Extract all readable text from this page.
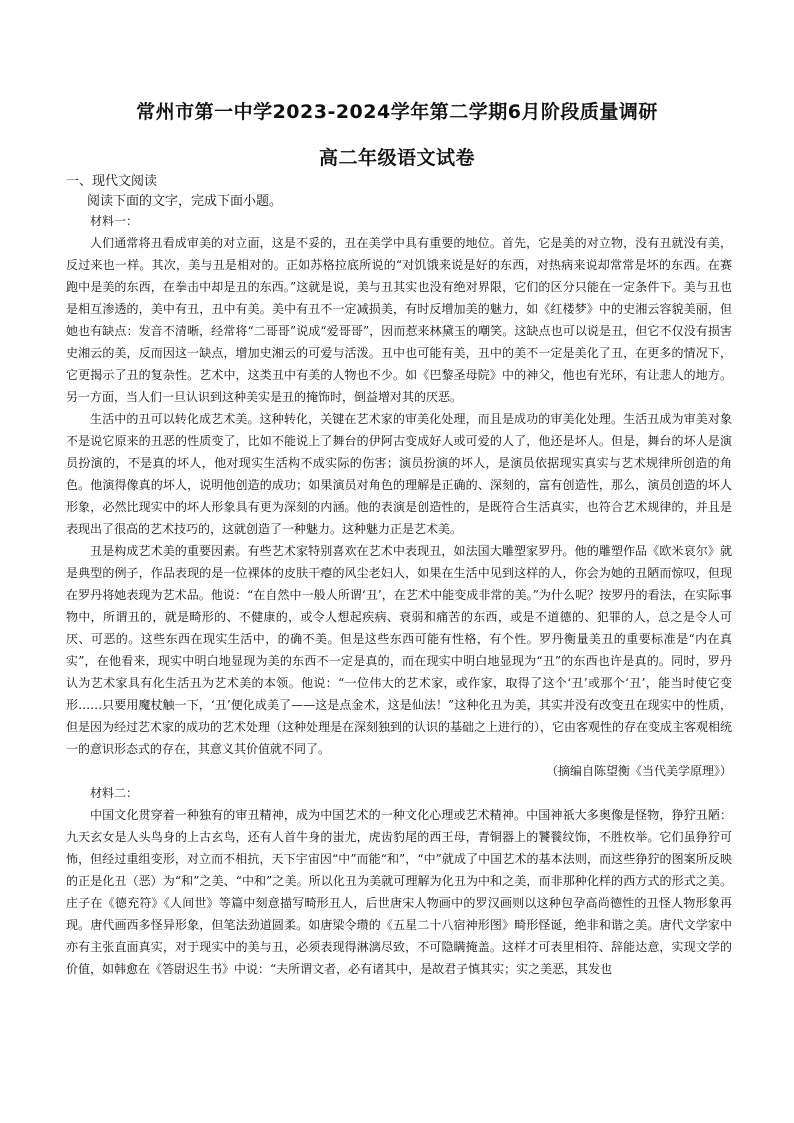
常州市第一中学2023-2024学年第二学期6月阶段质量调研
高二年级语文试卷
一、现代文阅读
阅读下面的文字，完成下面小题。

材料一：

人们通常将丑看成审美的对立面，这是不妥的，丑在美学中具有重要的地位。首先，它是美的对立物，没有丑就没有美，反过来也一样。其次，美与丑是相对的。正如苏格拉底所说的“对饥饿来说是好的东西，对热病来说却常常是坏的东西。在赛跑中是美的东西，在拳击中却是丑的东西。”这就是说，美与丑其实也没有绝对界限，它们的区分只能在一定条件下。美与丑也是相互渗透的，美中有丑，丑中有美。美中有丑不一定减损美，有时反增加美的魅力，如《红楼梦》中的史湘云容貌美丽，但她也有缺点：发音不清晰，经常将“二哥哥”说成“爱哥哥”，因而惹来林黛玉的嘲笑。这缺点也可以说是丑，但它不仅没有损害史湘云的美，反而因这一缺点，增加史湘云的可爱与活泼。丑中也可能有美，丑中的美不一定是美化了丑，在更多的情况下，它更揭示了丑的复杂性。艺术中，这类丑中有美的人物也不少。如《巴黎圣母院》中的神父，他也有光环，有让悲人的地方。另一方面，当人们一旦认识到这种美实是丑的掩饰时，倒益增对其的厌恶。

生活中的丑可以转化成艺术美。这种转化，关键在艺术家的审美化处理，而且是成功的审美化处理。生活丑成为审美对象不是说它原来的丑恶的性质变了，比如不能说上了舞台的伊阿古变成好人或可爱的人了，他还是坏人。但是，舞台的坏人是演员扮演的，不是真的坏人，他对现实生活构不成实际的伤害；演员扮演的坏人，是演员依据现实真实与艺术规律所创造的角色。他演得像真的坏人，说明他创造的成功；如果演员对角色的理解是正确的、深刻的，富有创造性，那么，演员创造的坏人形象，必然比现实中的坏人形象具有更为深刻的内涵。他的表演是创造性的，是既符合生活真实，也符合艺术规律的，并且是表现出了很高的艺术技巧的，这就创造了一种魅力。这种魅力正是艺术美。

丑是构成艺术美的重要因素。有些艺术家特别喜欢在艺术中表现丑，如法国大雕塑家罗丹。他的雕塑作品《欧米哀尔》就是典型的例子，作品表现的是一位裸体的皮肤干瘪的风尘老妇人，如果在生活中见到这样的人，你会为她的丑陋而惊叹，但现在罗丹将她表现为艺术品。他说：“在自然中一般人所谓‘丑’，在艺术中能变成非常的美。”为什么呢？按罗丹的看法，在实际事物中，所谓丑的，就是畸形的、不健康的，或令人想起疾病、衰弱和痛苦的东西，或是不道德的、犯罪的人，总之是令人可厌、可恶的。这些东西在现实生活中，的确不美。但是这些东西可能有性格，有个性。罗丹衡量美丑的重要标准是“内在真实”，在他看来，现实中明白地显现为美的东西不一定是真的，而在现实中明白地显现为“丑”的东西也许是真的。同时，罗丹认为艺术家具有化生活丑为艺术美的本领。他说：“一位伟大的艺术家，或作家，取得了这个‘丑’或那个‘丑’，能当时使它变形……只要用魔杖触一下，‘丑’便化成美了——这是点金术，这是仙法！”这种化丑为美，其实并没有改变丑在现实中的性质，但是因为经过艺术家的成功的艺术处理（这种处理是在深刻独到的认识的基础之上进行的），它由客观性的存在变成主客观相统一的意识形态式的存在，其意义其价值就不同了。

（摘编自陈望衡《当代美学原理》）

材料二：

中国文化贯穿着一种独有的审丑精神，成为中国艺术的一种文化心理或艺术精神。中国神祇大多奥像是怪物，狰狞丑陋：九天玄女是人头鸟身的上古玄鸟，还有人首牛身的蚩尤，虎齿豹尾的西王母，青铜器上的饕餮纹饰，不胜枚举。它们虽狰狞可怖，但经过重组变形，对立而不相抗，天下宇宙因“中”而能“和”，“中”就成了中国艺术的基本法则，而这些狰狞的图案所反映的正是化丑（恶）为“和”之美、“中和”之美。所以化丑为美就可理解为化丑为中和之美，而非那种化样的西方式的形式之美。庄子在《德充符》《人间世》等篇中刻意描写畸形丑人，后世唐宋人物画中的罗汉画则以这种包孕高尚德性的丑怪人物形象再现。唐代画西多怪异形象，但笔法劲道圆柔。如唐梁令瓒的《五星二十八宿神形图》畸形怪诞，绝非和谐之美。唐代文学家中亦有主张直面真实，对于现实中的美与丑，必须表现得淋漓尽致，不可隐瞒掩盖。这样才可表里相符、辞能达意，实现文学的价值，如韩愈在《答尉迟生书》中说：“夫所谓文者，必有诸其中，是故君子慎其实；实之美恶，其发也
